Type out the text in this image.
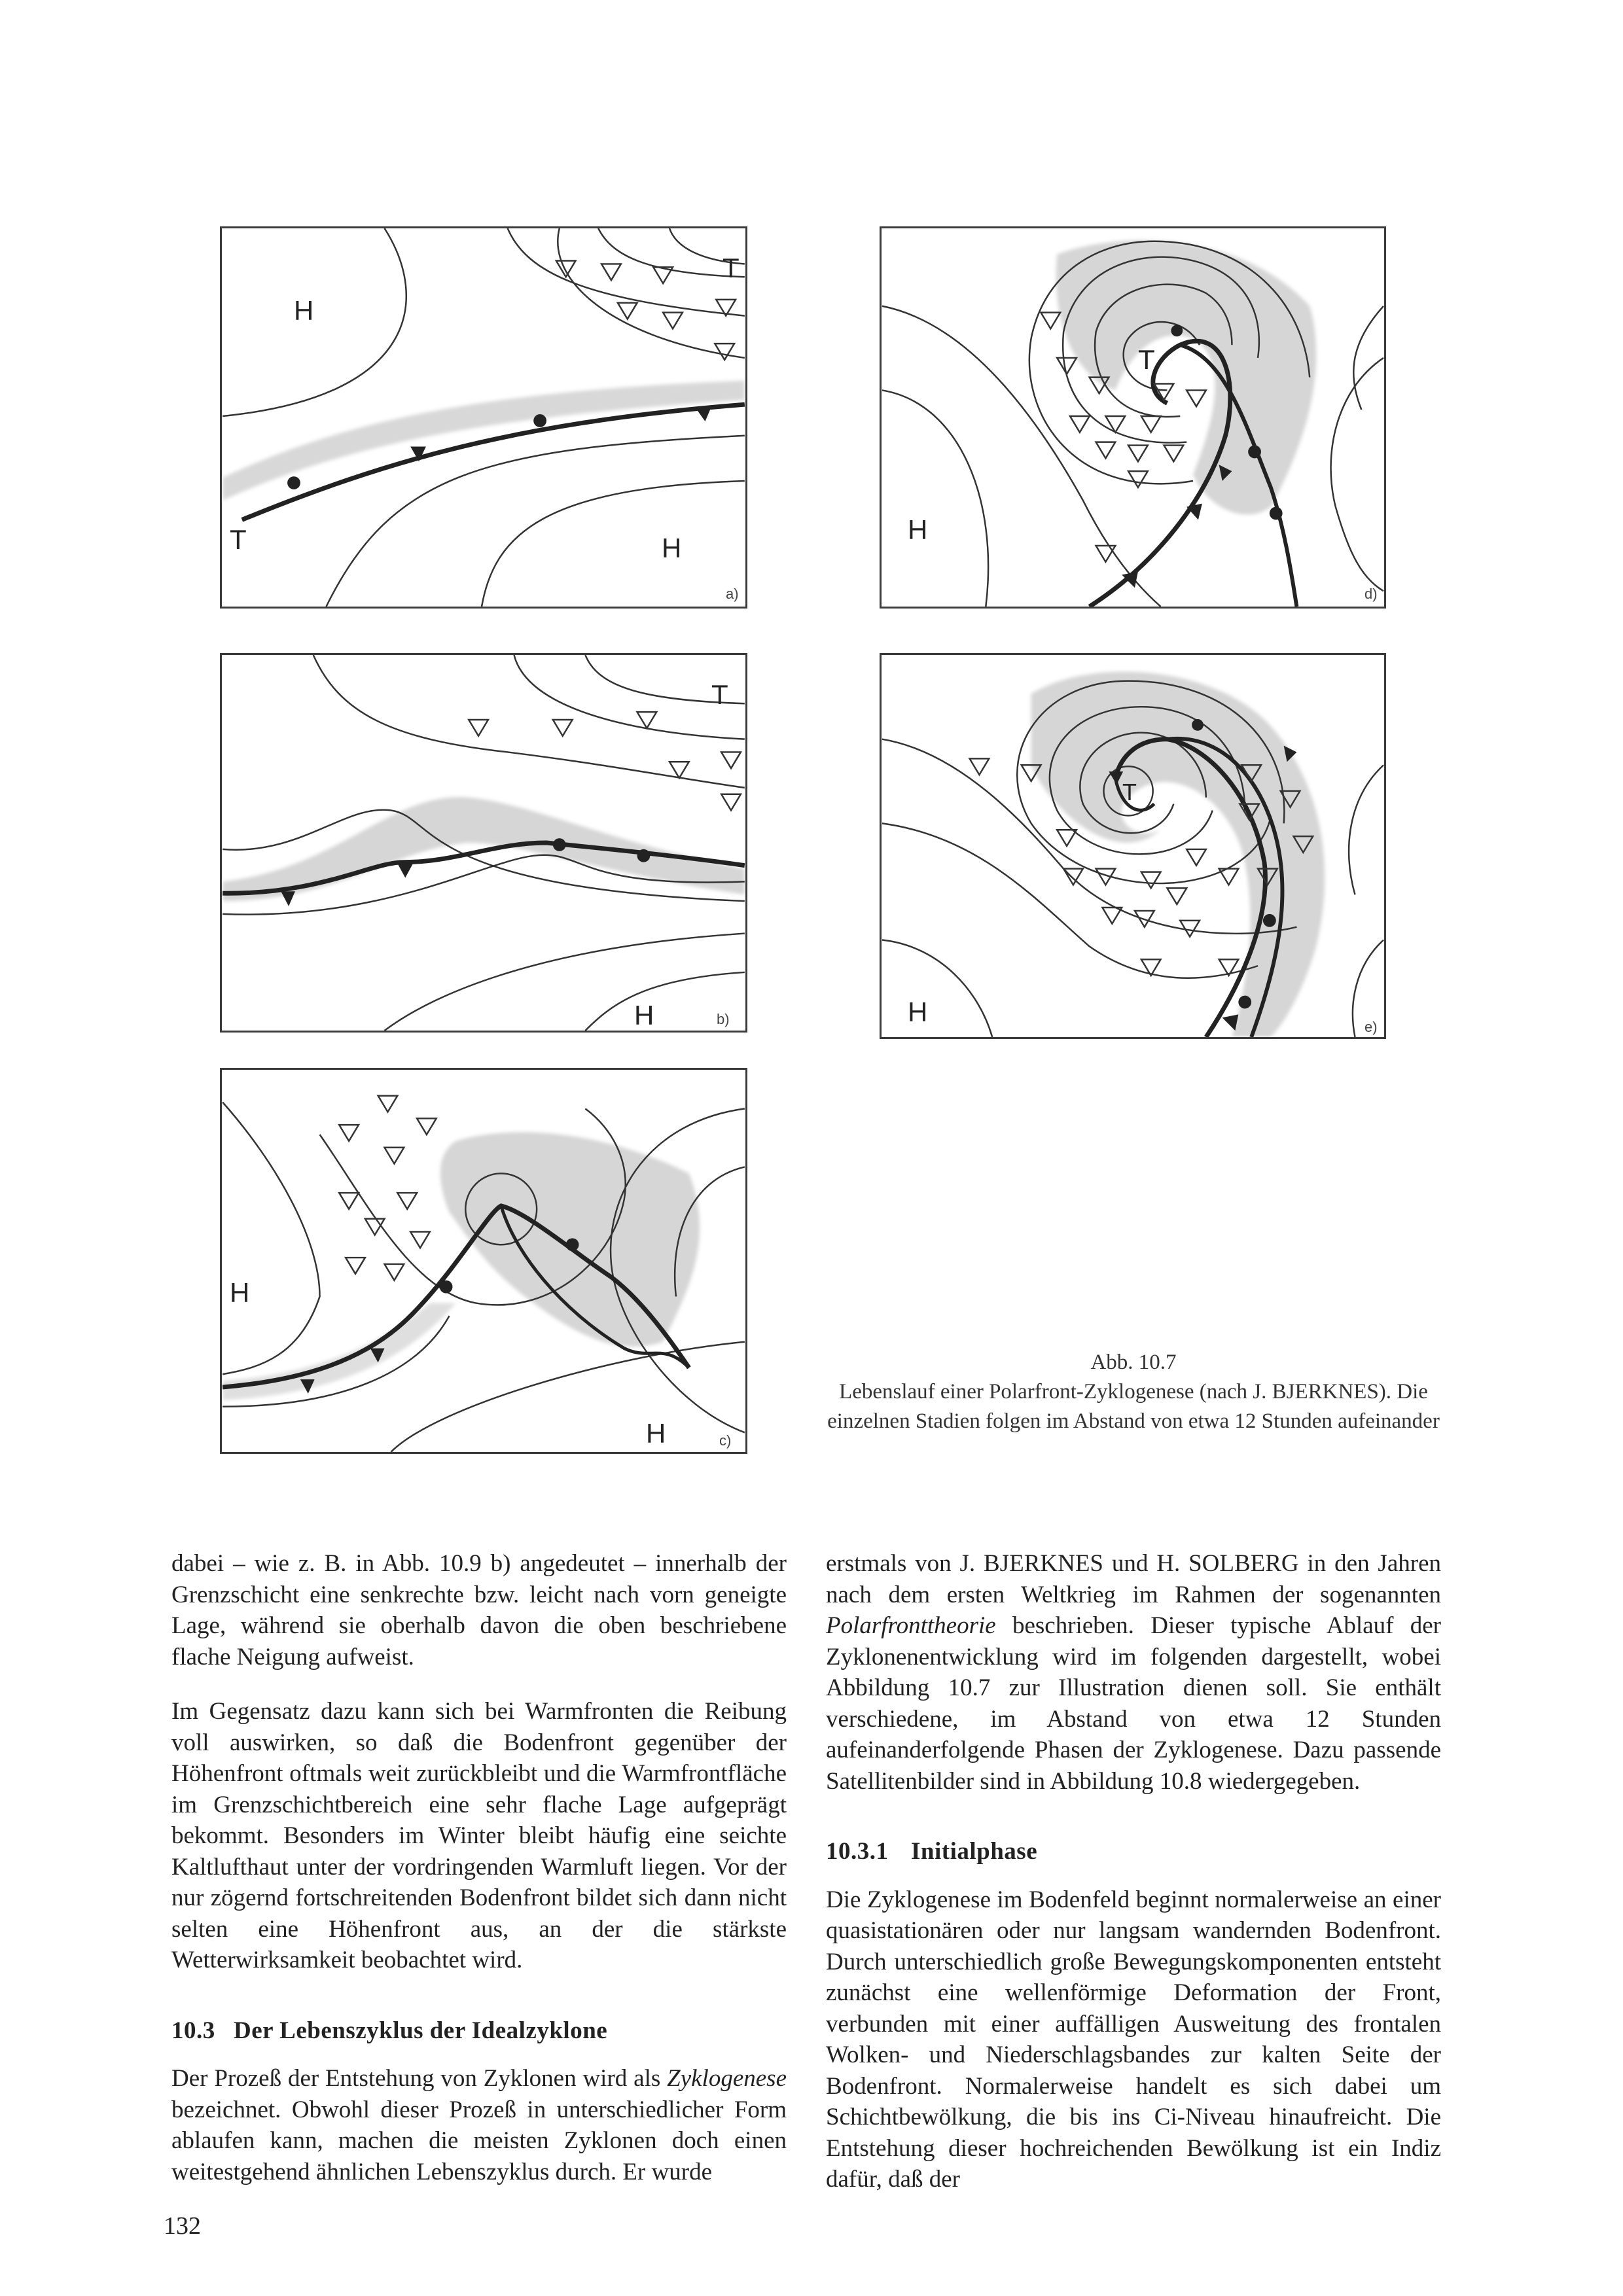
H
T
T	H
a)
T
H	b)
H
H	c)
T
H
d)
T
H	e)
Abb. 10.7
Lebenslauf einer Polarfront-Zyklogenese (nach J. BJERKNES). Die einzelnen Stadien folgen im Abstand von etwa 12 Stunden aufeinander

dabei – wie z. B. in Abb. 10.9 b) angedeutet – innerhalb der Grenzschicht eine senkrechte bzw. leicht nach vorn geneigte Lage, während sie oberhalb davon die oben beschriebene flache Neigung aufweist.

Im Gegensatz dazu kann sich bei Warmfronten die Reibung voll auswirken, so daß die Bodenfront gegenüber der Höhenfront oftmals weit zurückbleibt und die Warmfrontfläche im Grenzschichtbereich eine sehr flache Lage aufgeprägt bekommt. Besonders im Winter bleibt häufig eine seichte Kaltlufthaut unter der vordringenden Warmluft liegen. Vor der nur zögernd fortschreitenden Bodenfront bildet sich dann nicht selten eine Höhenfront aus, an der die stärkste Wetterwirksamkeit beobachtet wird.

10.3 Der Lebenszyklus der Idealzyklone

Der Prozeß der Entstehung von Zyklonen wird als Zyklogenese bezeichnet. Obwohl dieser Prozeß in unterschiedlicher Form ablaufen kann, machen die meisten Zyklonen doch einen weitestgehend ähnlichen Lebenszyklus durch. Er wurde

erstmals von J. BJERKNES und H. SOLBERG in den Jahren nach dem ersten Weltkrieg im Rahmen der sogenannten Polarfronttheorie beschrieben. Dieser typische Ablauf der Zyklonenentwicklung wird im folgenden dargestellt, wobei Abbildung 10.7 zur Illustration dienen soll. Sie enthält verschiedene, im Abstand von etwa 12 Stunden aufeinanderfolgende Phasen der Zyklogenese. Dazu passende Satellitenbilder sind in Abbildung 10.8 wiedergegeben.

10.3.1 Initialphase

Die Zyklogenese im Bodenfeld beginnt normalerweise an einer quasistationären oder nur langsam wandernden Bodenfront. Durch unterschiedlich große Bewegungskomponenten entsteht zunächst eine wellenförmige Deformation der Front, verbunden mit einer auffälligen Ausweitung des frontalen Wolken- und Niederschlagsbandes zur kalten Seite der Bodenfront. Normalerweise handelt es sich dabei um Schichtbewölkung, die bis ins Ci-Niveau hinaufreicht. Die Entstehung dieser hochreichenden Bewölkung ist ein Indiz dafür, daß der

132
